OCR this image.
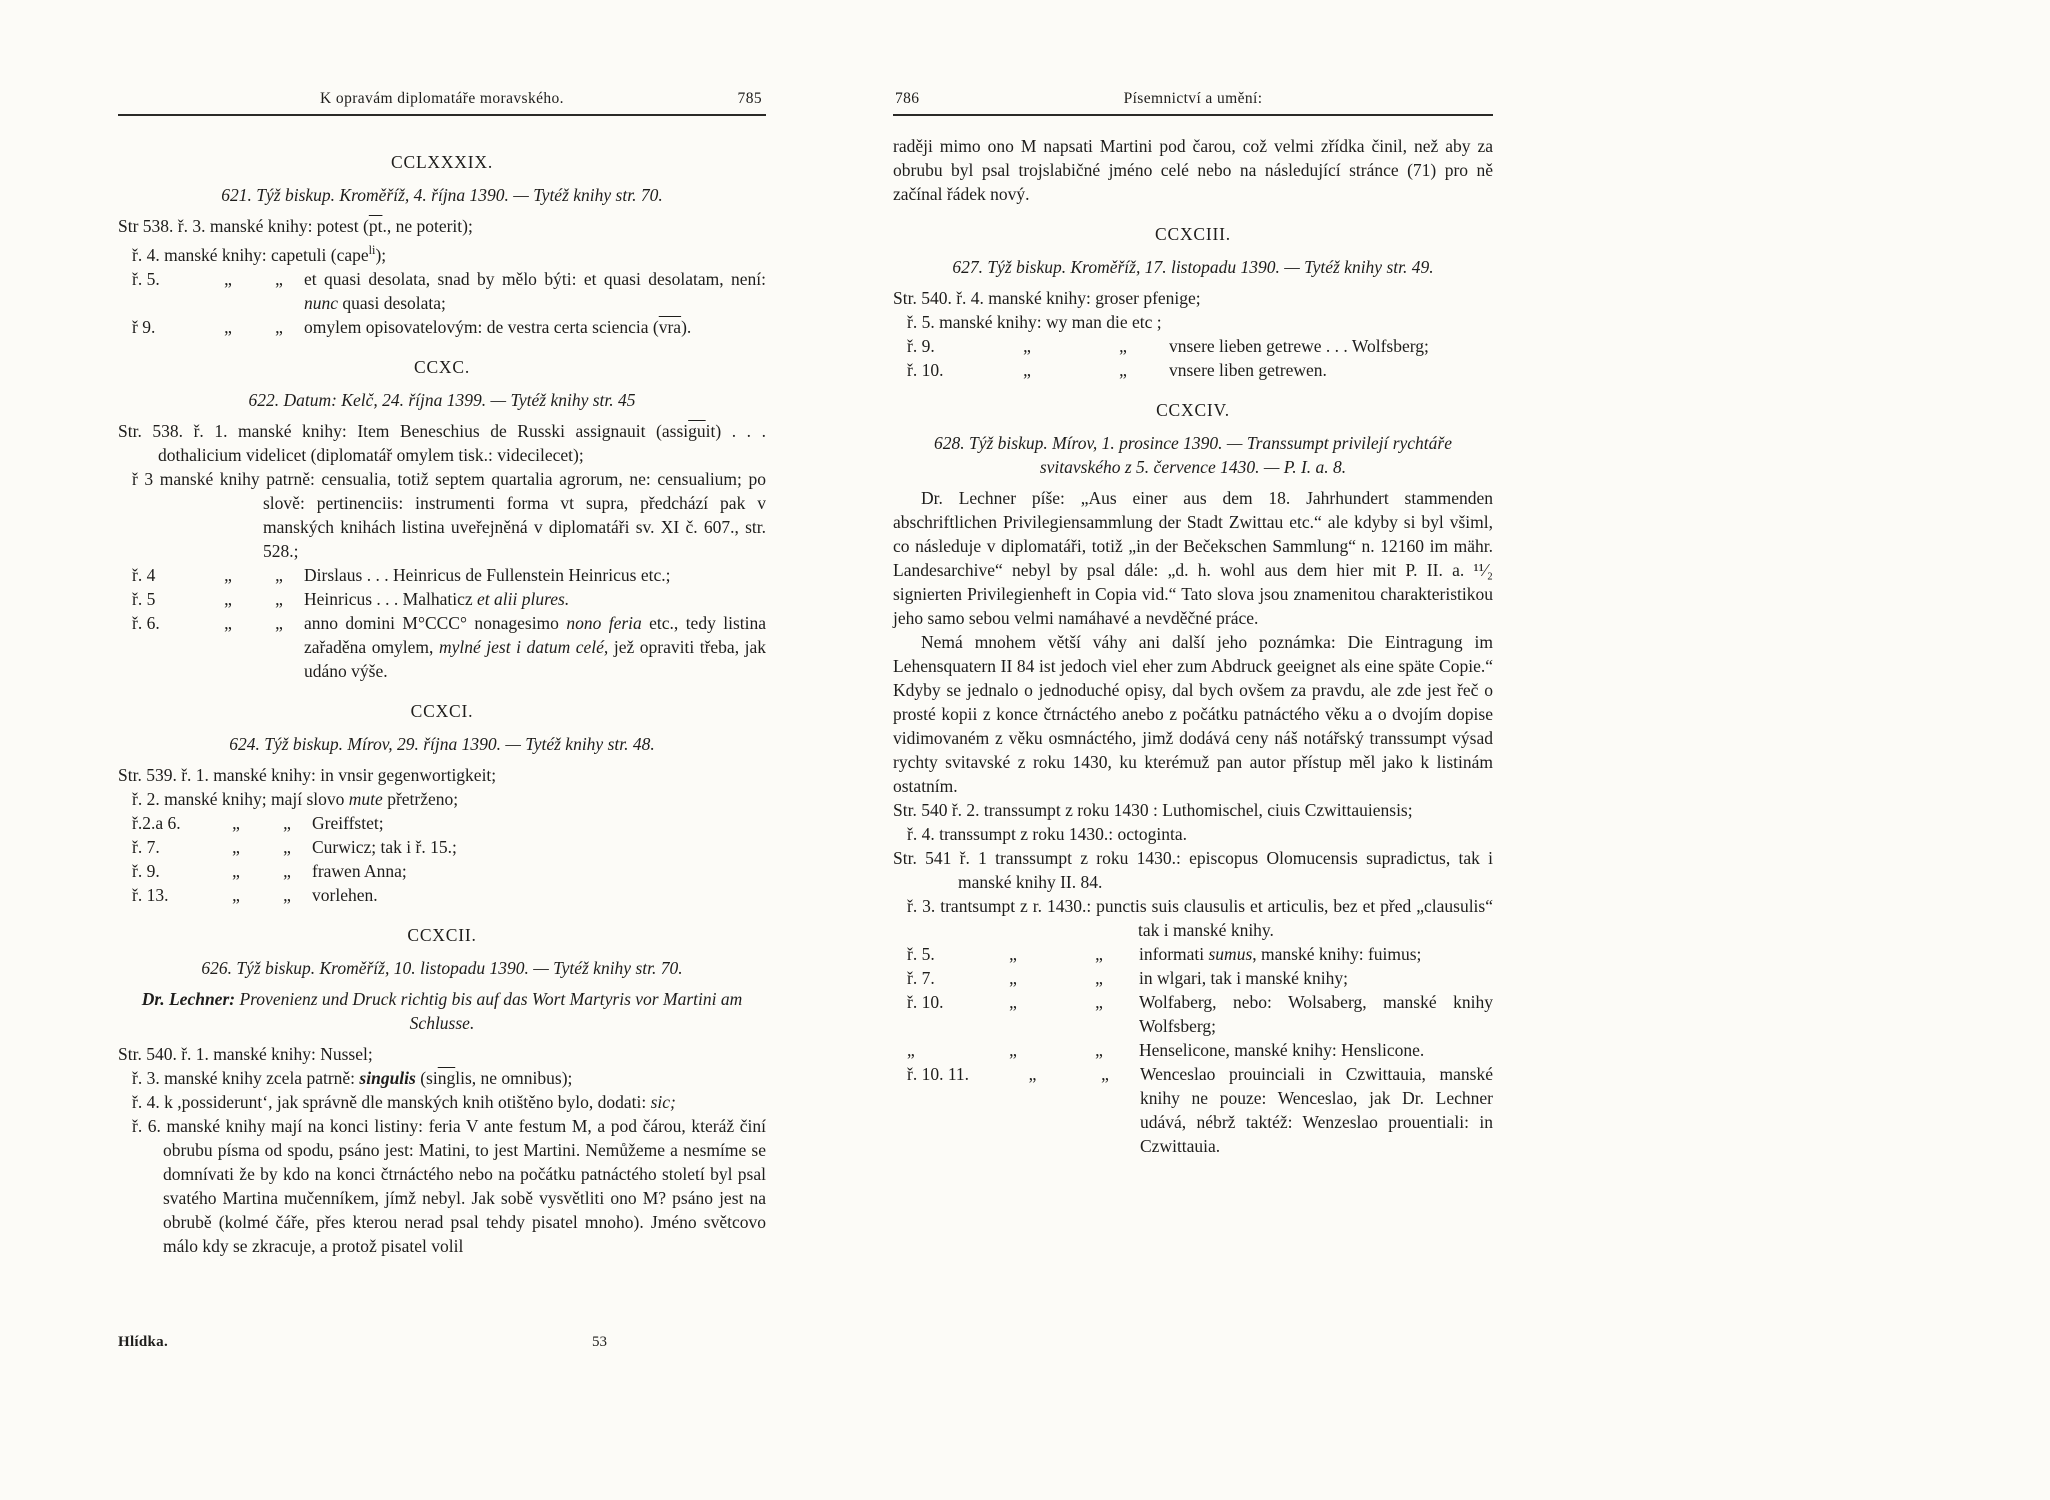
K opravám diplomatáře moravského.	785
CCLXXXIX.
621. Týž biskup. Kroměříž, 4. října 1390. — Tytéž knihy str. 70.
Str 538. ř. 3. manské knihy: potest ($\overline{pt}$., ne poterit);
ř. 4. manské knihy: capetuli (cape$^{li}$);
ř. 5.	„	„	et quasi desolata, snad by mělo býti: et quasi desolatam, není: nunc quasi desolata;
ř 9.	„	„	omylem opisovatelovým: de vestra certa sciencia $(\overline{vra})$.
CCXC.
622. Datum: Kelč, 24. října 1399. — Tytéž knihy str. 45
Str. 538. ř. 1. manské knihy: Item Beneschius de Russki assignauit $(assi\overline{gu}it)$ . . . dothalicium videlicet (diplomatář omylem tisk.: videcilecet);
ř 3 manské knihy patrně: censualia, totiž septem quartalia agrorum, ne: censualium; po slově: pertinenciis: instrumenti forma vt supra, předchází pak v manských knihách listina uveřejněná v diplomatáři sv. XI č. 607., str. 528.;
ř. 4	„	„	Dirslaus . . . Heinricus de Fullenstein Heinricus etc.;
ř. 5	„	„	Heinricus . . . Malhaticz et alii plures.
ř. 6.	„	„	anno domini M°CCC° nonagesimo nono feria etc., tedy listina zařaděna omylem, mylné jest i datum celé, jež opraviti třeba, jak udáno výše.
CCXCI.
624. Týž biskup. Mírov, 29. října 1390. — Tytéž knihy str. 48.
Str. 539. ř. 1. manské knihy: in vnsir gegenwortigkeit;
ř. 2. manské knihy; mají slovo mute přetrženo;
ř.2.a 6.	„	„	Greiffstet;
ř. 7.	„	„	Curwicz; tak i ř. 15.;
ř. 9.	„	„	frawen Anna;
ř. 13.	„	„	vorlehen.
CCXCII.
626. Týž biskup. Kroměříž, 10. listopadu 1390. — Tytéž knihy str. 70.
Dr. Lechner: Provenienz und Druck richtig bis auf das Wort Martyris vor Martini am Schlusse.
Str. 540. ř. 1. manské knihy: Nussel;
ř. 3. manské knihy zcela patrně: singulis ($si\overline{ng}lis$, ne omnibus);
ř. 4. k ,possiderunt‘, jak správně dle manských knih otištěno bylo, dodati: sic;
ř. 6. manské knihy mají na konci listiny: feria V ante festum M, a pod čárou, kteráž činí obrubu písma od spodu, psáno jest: Matini, to jest Martini. Nemůžeme a nesmíme se domnívati že by kdo na konci čtrnáctého nebo na počátku patnáctého století byl psal svatého Martina mučenníkem, jímž nebyl. Jak sobě vysvětliti ono M? psáno jest na obrubě (kolmé čáře, přes kterou nerad psal tehdy pisatel mnoho). Jméno světcovo málo kdy se zkracuje, a protož pisatel volil
786	Písemnictví a umění:
raději mimo ono M napsati Martini pod čarou, což velmi zřídka činil, než aby za obrubu byl psal trojslabičné jméno celé nebo na následující stránce (71) pro ně začínal řádek nový.
CCXCIII.
627. Týž biskup. Kroměříž, 17. listopadu 1390. — Tytéž knihy str. 49.
Str. 540. ř. 4. manské knihy: groser pfenige;
ř. 5. manské knihy: wy man die etc ;
ř. 9.	„	„	vnsere lieben getrewe . . . Wolfsberg;
ř. 10.	„	„	vnsere liben getrewen.
CCXCIV.
628. Týž biskup. Mírov, 1. prosince 1390. — Transsumpt privilejí rychtáře svitavského z 5. července 1430. — P. I. a. 8.
Dr. Lechner píše: „Aus einer aus dem 18. Jahrhundert stammenden abschriftlichen Privilegiensammlung der Stadt Zwittau etc.“ ale kdyby si byl všiml, co následuje v diplomatáři, totiž „in der Bečekschen Sammlung“ n. 12160 im mähr. Landesarchive“ nebyl by psal dále: „d. h. wohl aus dem hier mit P. II. a. ¹¹⁄₂ signierten Privilegienheft in Copia vid.“ Tato slova jsou znamenitou charakteristikou jeho samo sebou velmi namáhavé a nevděčné práce.
Nemá mnohem větší váhy ani další jeho poznámka: Die Eintragung im Lehensquatern II 84 ist jedoch viel eher zum Abdruck geeignet als eine späte Copie.“ Kdyby se jednalo o jednoduché opisy, dal bych ovšem za pravdu, ale zde jest řeč o prosté kopii z konce čtrnáctého anebo z počátku patnáctého věku a o dvojím dopise vidimovaném z věku osmnáctého, jimž dodává ceny náš notářský transsumpt výsad rychty svitavské z roku 1430, ku kterémuž pan autor přístup měl jako k listinám ostatním.
Str. 540 ř. 2. transsumpt z roku 1430 : Luthomischel, ciuis Czwittauiensis;
ř. 4. transsumpt z roku 1430.: octoginta.
Str. 541 ř. 1 transsumpt z roku 1430.: episcopus Olomucensis supradictus, tak i manské knihy II. 84.
ř. 3. trantsumpt z r. 1430.: punctis suis clausulis et articulis, bez et před „clausulis“ tak i manské knihy.
ř. 5.	„	„	informati sumus, manské knihy: fuimus;
ř. 7.	„	„	in wlgari, tak i manské knihy;
ř. 10.	„	„	Wolfaberg, nebo: Wolsaberg, manské knihy Wolfsberg;
„	„	„	Henselicone, manské knihy: Henslicone.
ř. 10. 11.	„	„	Wenceslao prouinciali in Czwittauia, manské knihy ne pouze: Wenceslao, jak Dr. Lechner udává, nébrž taktéž: Wenzeslao prouentiali: in Czwittauia.
Hlídka.	53
